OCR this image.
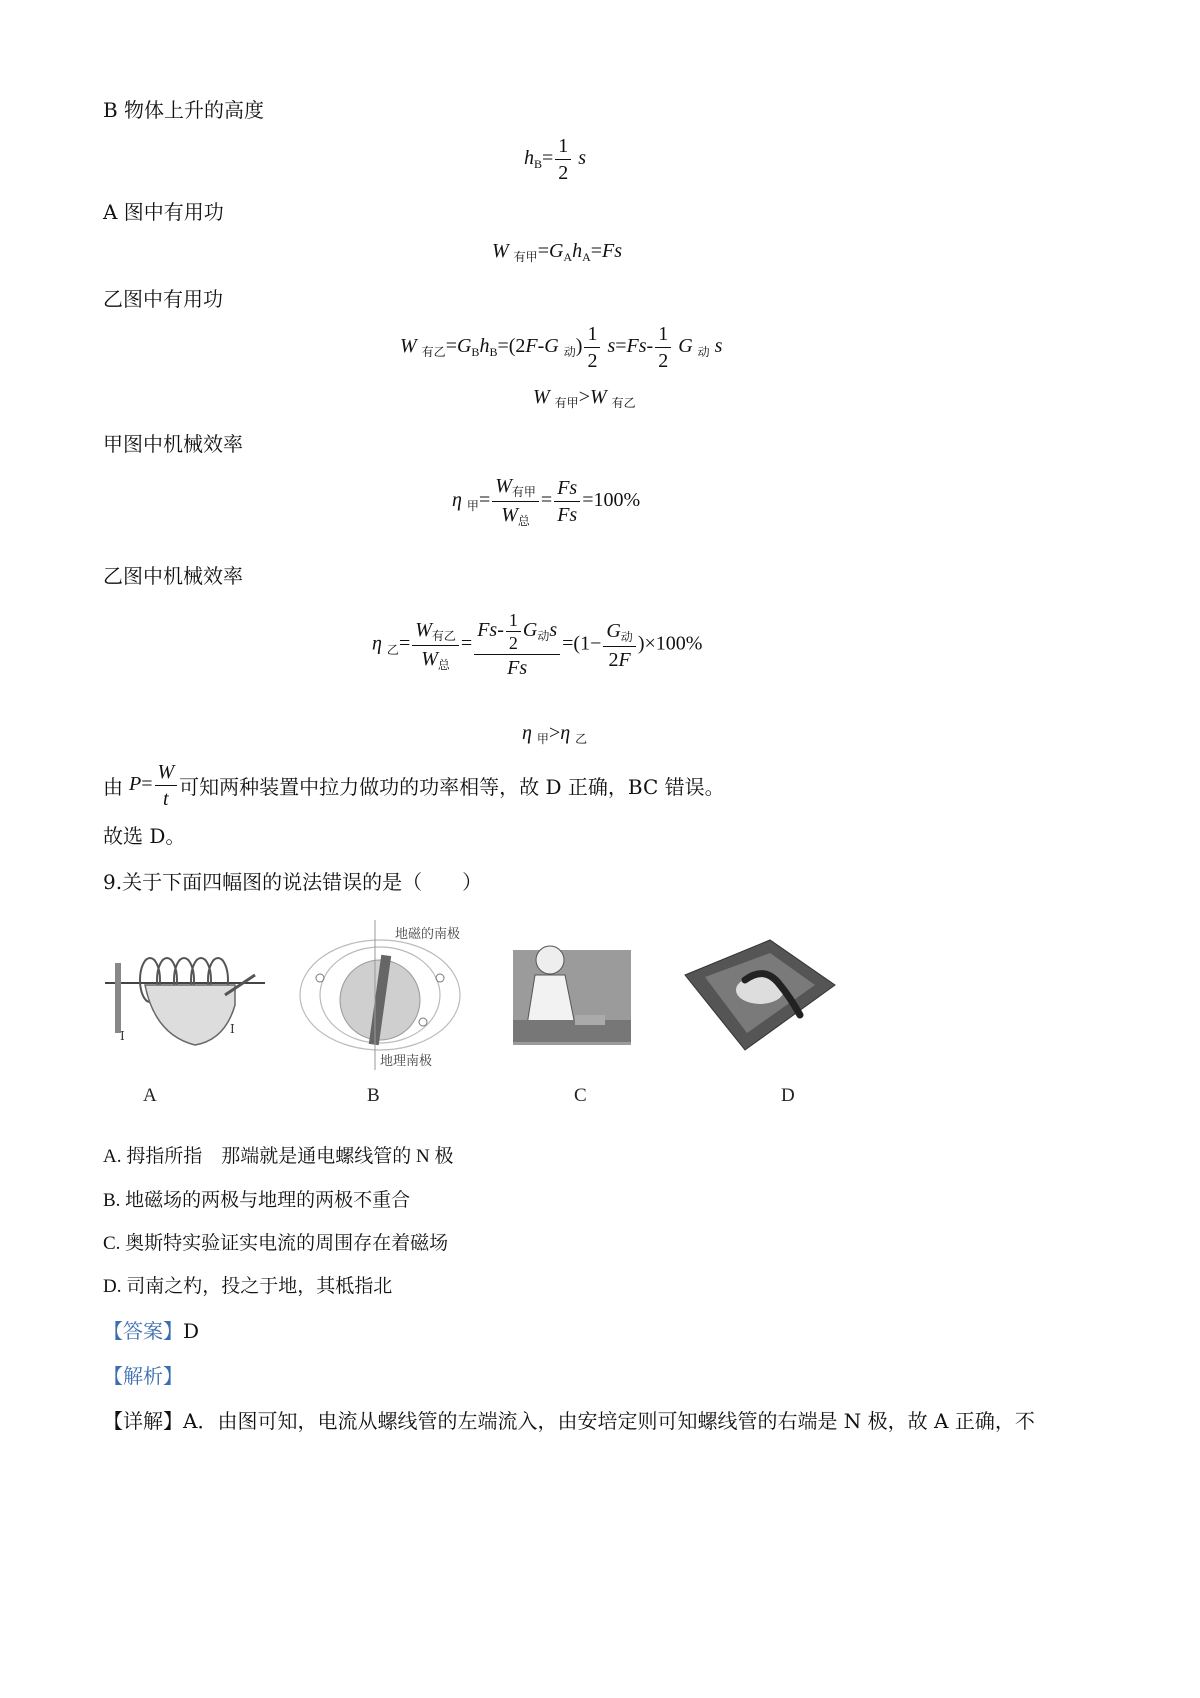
B 物体上升的高度
$h_B= \frac{1}{2}$ s
A 图中有用功
W $_{有甲}=G_Ah_A=Fs$
乙图中有用功
W $_{有乙}=G_Bh_B=(2F-G$ $_动) \frac{1}{2} s=Fs- \frac{1}{2}$ G $_动$ s
W $_{有甲}$>W $_{有乙}$
甲图中机械效率
η $_甲= \frac{W_{有甲}}{W_总} = \frac{Fs}{Fs} =100\%$
乙图中机械效率
η $_乙= \frac{W_{有乙}}{W_总} = \frac{Fs- \frac{1}{2} G_动s}{Fs} =(1- \frac{G_动}{2F} )\times 100\%$
η $_甲$>η $_乙$
由 $P= \frac{W}{t}$ 可知两种装置中拉力做功的功率相等，故 D 正确，BC 错误。
故选 D。
9.关于下面四幅图的说法错误的是（　　）
I	I
地磁的南极
地理南极
A	B	C	D
A. 拇指所指　那端就是通电螺线管的 N 极
B. 地磁场的两极与地理的两极不重合
C. 奥斯特实验证实电流的周围存在着磁场
D. 司南之杓，投之于地，其柢指北
【答案】D
【解析】
【详解】A．由图可知，电流从螺线管的左端流入，由安培定则可知螺线管的右端是 N 极，故 A 正确，不
